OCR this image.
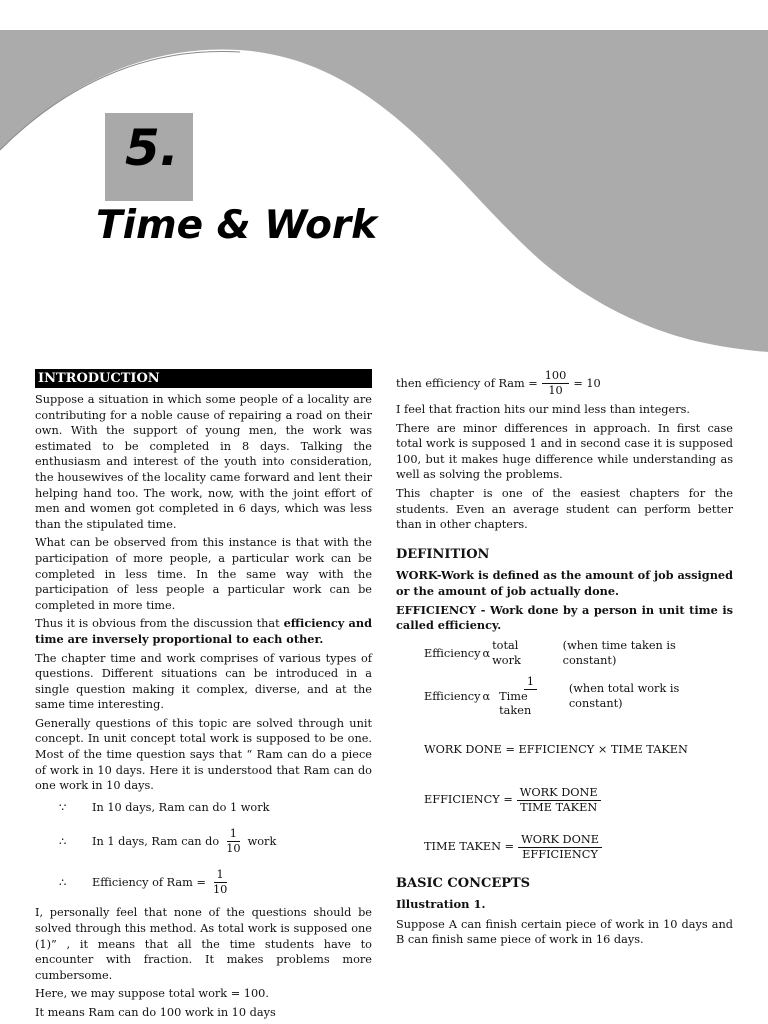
5.
Time & Work
INTRODUCTION

Suppose a situation in which some people of a locality are contributing for a noble cause of repairing a road on their own. With the support of young men, the work was estimated to be completed in 8 days. Talking the enthusiasm and interest of the youth into consideration, the housewives of the locality came forward and lent their helping hand too. The work, now, with the joint effort of men and women got completed in 6 days, which was less than the stipulated time.

What can be observed from this instance is that with the participation of more people, a particular work can be completed in less time. In the same way with the participation of less people a particular work can be completed in more time.

Thus it is obvious from the discussion that efficiency and time are inversely proportional to each other.

The chapter time and work comprises of various types of questions. Different situations can be introduced in a single question making it complex, diverse, and at the same time interesting.

Generally questions of this topic are solved through unit concept. In unit concept total work is supposed to be one. Most of the time question says that “ Ram can do a piece of work in 10 days. Here it is understood that Ram can do one work in 10 days.

∵	In 10 days, Ram can do 1 work
∴	In 1 days, Ram can do $\frac{1}{10}$ work
∴	Efficiency of Ram = $\frac{1}{10}$

I, personally feel that none of the questions should be solved through this method. As total work is supposed one (1)” , it means that all the time students have to encounter with fraction. It makes problems more cumbersome.

Here, we may suppose total work = 100.

It means Ram can do 100 work in 10 days

then efficiency of Ram = $\frac{100}{10} = 10$

I feel that fraction hits our mind less than integers.

There are minor differences in approach. In first case total work is supposed 1 and in second case it is supposed 100, but it makes huge difference while understanding as well as solving the problems.

This chapter is one of the easiest chapters for the students. Even an average student can perform better than in other chapters.

DEFINITION

WORK-Work is defined as the amount of job assigned or the amount of job actually done.

EFFICIENCY - Work done by a person in unit time is called efficiency.

Efficiency α
total work
(when time taken is constant)
Efficiency α $\frac{1}{\text{Time taken}}$ (when total work is constant)
WORK DONE = EFFICIENCY × TIME TAKEN
EFFICIENCY = $\frac{\text{WORK DONE}}{\text{TIME TAKEN}}$
TIME TAKEN = $\frac{\text{WORK DONE}}{\text{EFFICIENCY}}$
BASIC CONCEPTS
Illustration 1.

Suppose A can finish certain piece of work in 10 days and B can finish same piece of work in 16 days.
